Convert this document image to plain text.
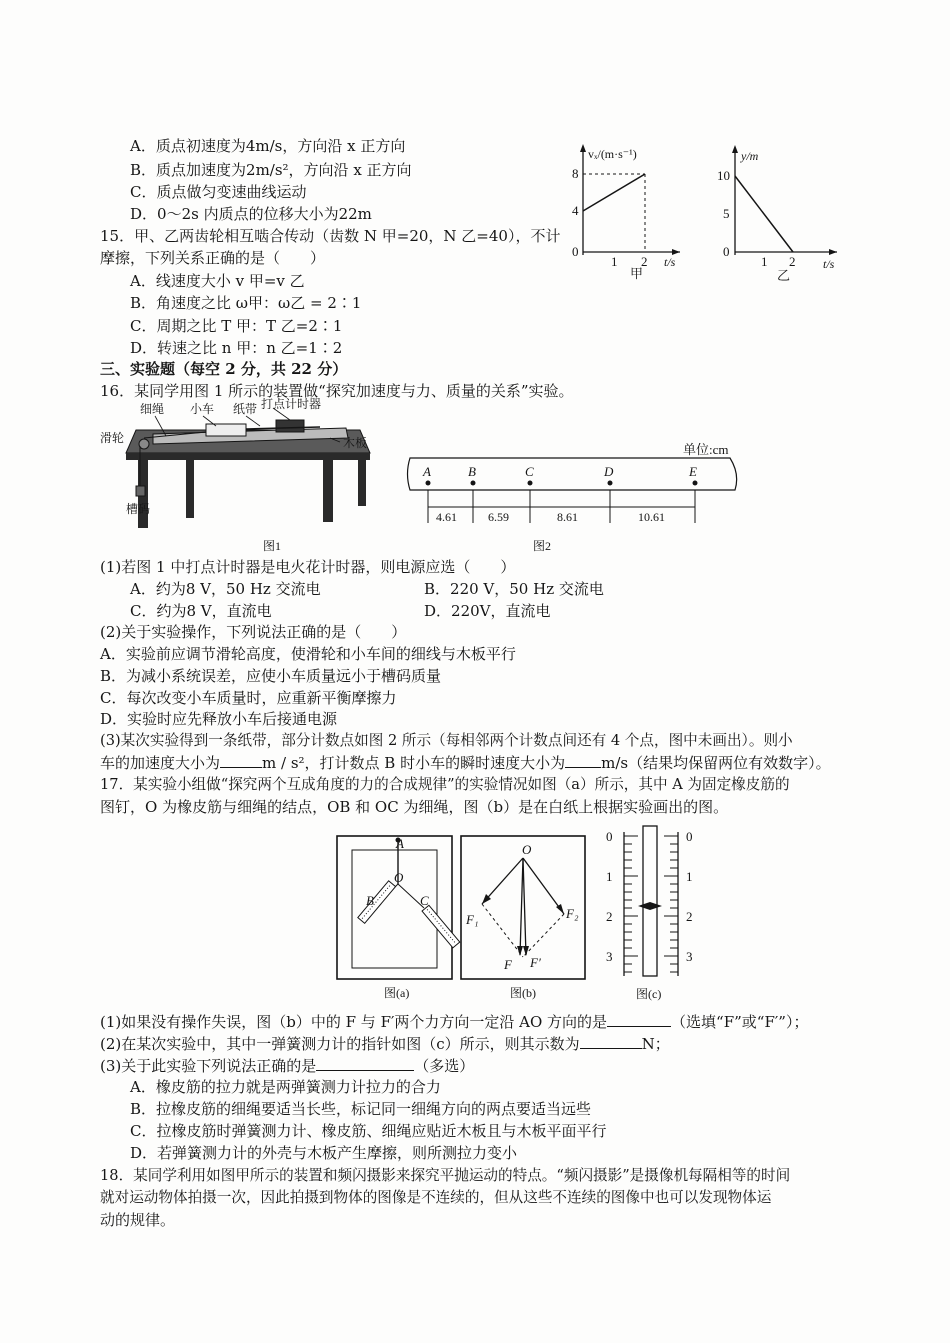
A．质点初速度为4m/s，方向沿 x 正方向
B．质点加速度为2m/s²，方向沿 x 正方向
C．质点做匀变速曲线运动
D．0～2s 内质点的位移大小为22m
vₓ/(m·s⁻¹)
8
4
0
1 2 t/s
甲
y/m
10
5
0
1 2 t/s
乙
15．甲、乙两齿轮相互啮合传动（齿数 N 甲=20，N 乙=40），不计
摩擦，下列关系正确的是（　　）
A．线速度大小 v 甲=v 乙
B．角速度之比 ω甲：ω乙 = 2∶1
C．周期之比 T 甲：T 乙=2∶1
D．转速之比 n 甲：n 乙=1∶2
三、实验题（每空 2 分，共 22 分）
16．某同学用图 1 所示的装置做“探究加速度与力、质量的关系”实验。
细绳 小车 纸带 打点计时器
滑轮	木板
槽码
图1
单位:cm
A	B	C	D	E
4.61	6.59	8.61	10.61
图2
(1)若图 1 中打点计时器是电火花计时器，则电源应选（　　）
A．约为8 V，50 Hz 交流电	B．220 V，50 Hz 交流电
C．约为8 V，直流电	D．220V，直流电
(2)关于实验操作，下列说法正确的是（　　）
A．实验前应调节滑轮高度，使滑轮和小车间的细线与木板平行
B．为减小系统误差，应使小车质量远小于槽码质量
C．每次改变小车质量时，应重新平衡摩擦力
D．实验时应先释放小车后接通电源
(3)某次实验得到一条纸带，部分计数点如图 2 所示（每相邻两个计数点间还有 4 个点，图中未画出）。则小
车的加速度大小为	m / s²，打计数点 B 时小车的瞬时速度大小为 m/s（结果均保留两位有效数字）。
17．某实验小组做“探究两个互成角度的力的合成规律”的实验情况如图（a）所示，其中 A 为固定橡皮筋的
图钉，O 为橡皮筋与细绳的结点，OB 和 OC 为细绳，图（b）是在白纸上根据实验画出的图。
A
O
B	C
图(a)
O
F₁	F₂
F F′
图(b)
0	0
1	1
2	2
3	3
图(c)
(1)如果没有操作失误，图（b）中的 F 与 F′两个力方向一定沿 AO 方向的是	（选填“F”或“F′”）；
(2)在某次实验中，其中一弹簧测力计的指针如图（c）所示，则其示数为	N；
(3)关于此实验下列说法正确的是	（多选）
A．橡皮筋的拉力就是两弹簧测力计拉力的合力
B．拉橡皮筋的细绳要适当长些，标记同一细绳方向的两点要适当远些
C．拉橡皮筋时弹簧测力计、橡皮筋、细绳应贴近木板且与木板平面平行
D．若弹簧测力计的外壳与木板产生摩擦，则所测拉力变小
18．某同学利用如图甲所示的装置和频闪摄影来探究平抛运动的特点。“频闪摄影”是摄像机每隔相等的时间
就对运动物体拍摄一次，因此拍摄到物体的图像是不连续的，但从这些不连续的图像中也可以发现物体运
动的规律。
